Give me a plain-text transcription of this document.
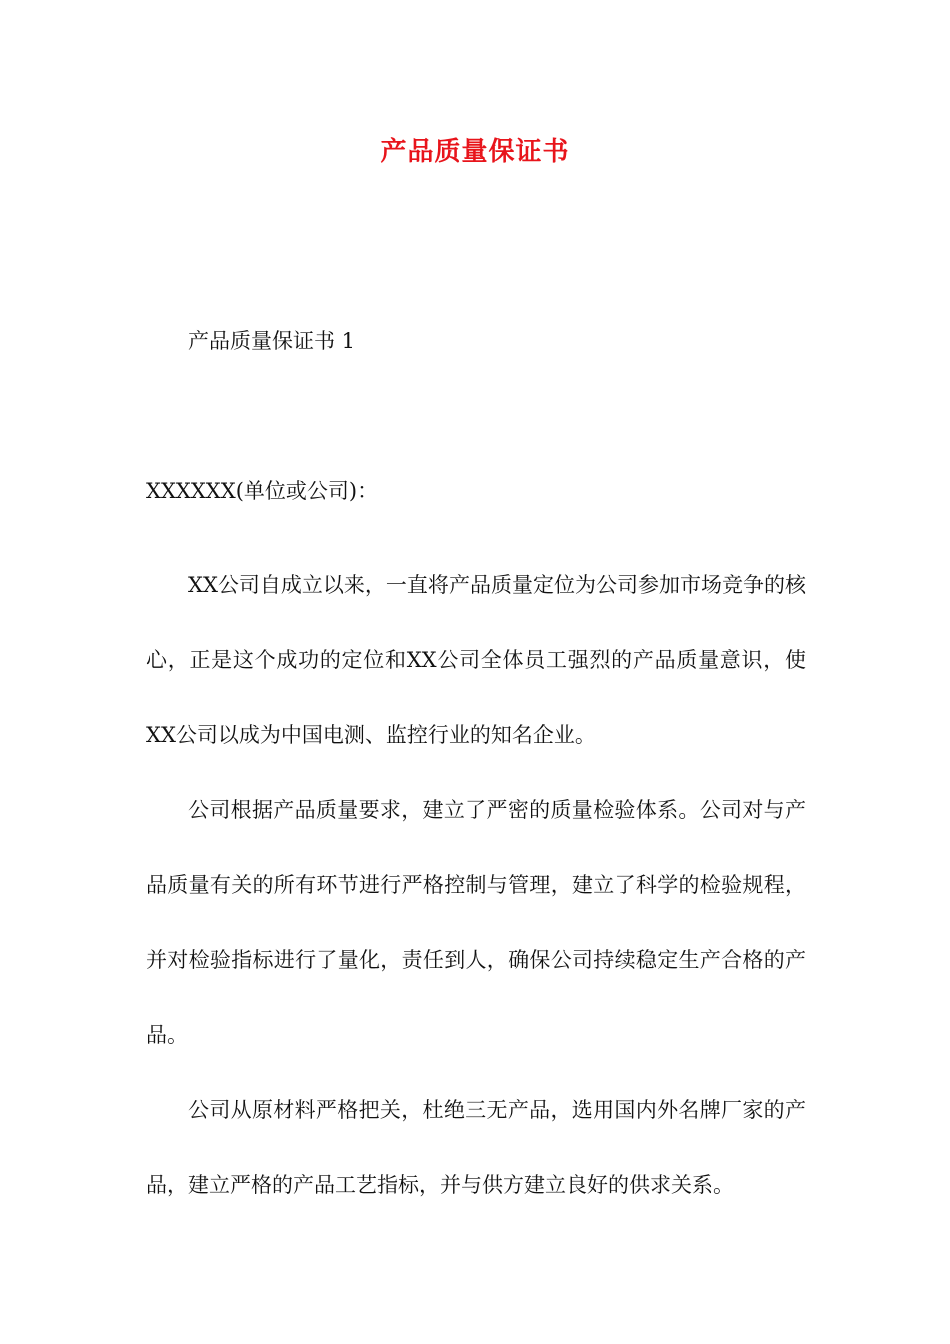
产品质量保证书
产品质量保证书 1
XXXXXX(单位或公司)：

XX公司自成立以来，一直将产品质量定位为公司参加市场竞争的核心，正是这个成功的定位和XX公司全体员工强烈的产品质量意识，使XX公司以成为中国电测、监控行业的知名企业。

公司根据产品质量要求，建立了严密的质量检验体系。公司对与产品质量有关的所有环节进行严格控制与管理，建立了科学的检验规程，并对检验指标进行了量化，责任到人，确保公司持续稳定生产合格的产品。

公司从原材料严格把关，杜绝三无产品，选用国内外名牌厂家的产品，建立严格的产品工艺指标，并与供方建立良好的供求关系。
